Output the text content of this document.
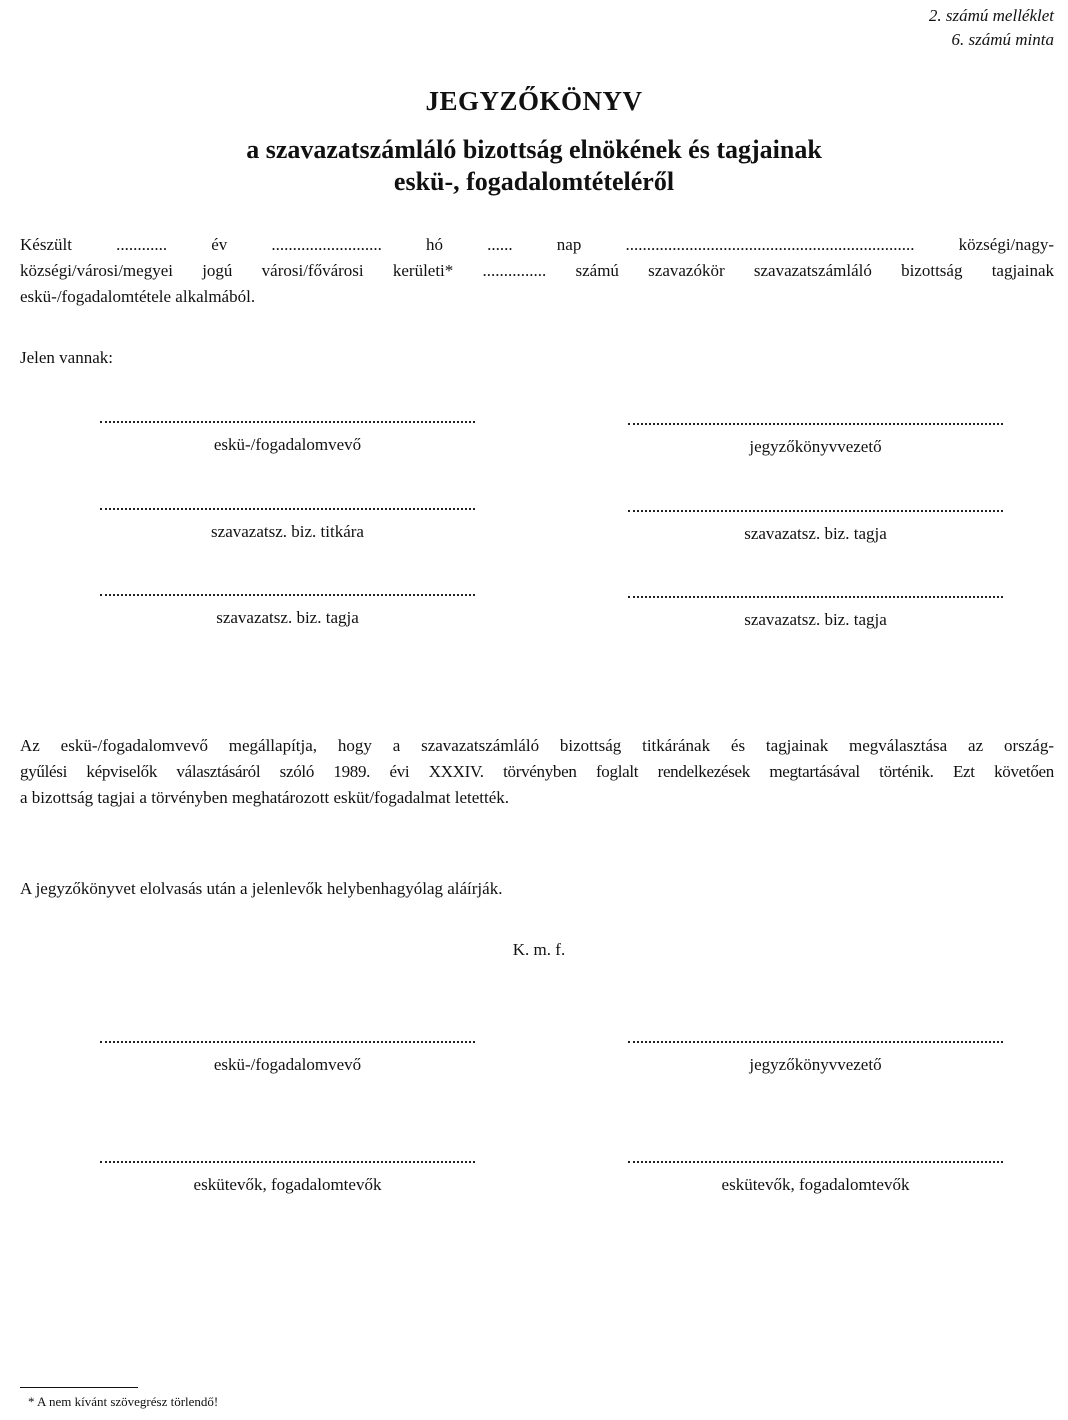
2. számú melléklet
6. számú minta
JEGYZŐKÖNYV
a szavazatszámláló bizottság elnökének és tagjainak
eskü-, fogadalomtételéről
Készült ............ év .......................... hó ...... nap .................................................................... községi/nagy-
községi/városi/megyei jogú városi/fővárosi kerületi* ............... számú szavazókör szavazatszámláló bizottság tagjainak
eskü-/fogadalomtétele alkalmából.
Jelen vannak:
eskü-/fogadalomvevő	jegyzőkönyvvezető
szavazatsz. biz. titkára	szavazatsz. biz. tagja
szavazatsz. biz. tagja	szavazatsz. biz. tagja
Az eskü-/fogadalomvevő megállapítja, hogy a szavazatszámláló bizottság titkárának és tagjainak megválasztása az ország-
gyűlési képviselők választásáról szóló 1989. évi XXXIV. törvényben foglalt rendelkezések megtartásával történik. Ezt követően
a bizottság tagjai a törvényben meghatározott esküt/fogadalmat letették.
A jegyzőkönyvet elolvasás után a jelenlevők helybenhagyólag aláírják.
K. m. f.
eskü-/fogadalomvevő	jegyzőkönyvvezető
eskütevők, fogadalomtevők	eskütevők, fogadalomtevők
* A nem kívánt szövegrész törlendő!
